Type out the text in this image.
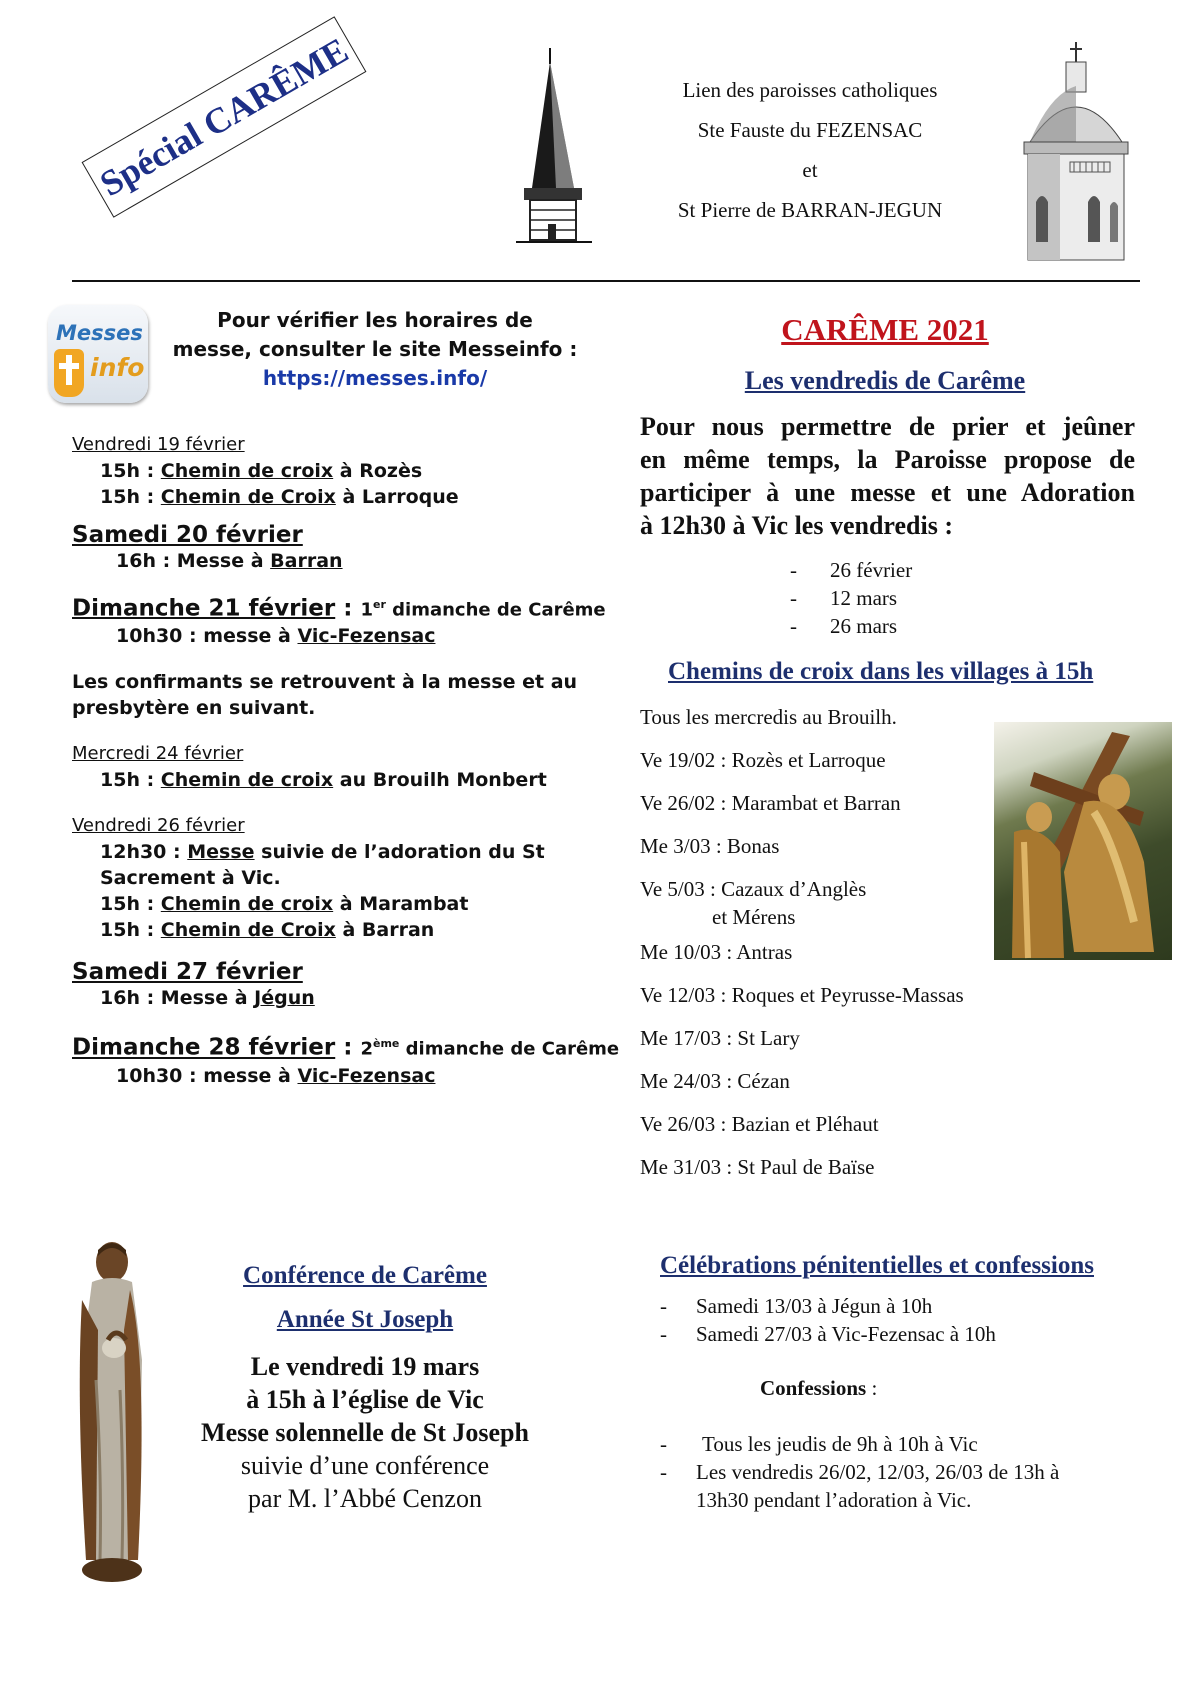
Spécial CARÊME	Lien des paroisses catholiques
Ste Fauste du FEZENSAC
et
St Pierre de BARRAN-JEGUN
Messes
info
Pour vérifier les horaires de
messe, consulter le site Messeinfo :
https://messes.info/
Vendredi 19 février
15h : Chemin de croix à Rozès
15h : Chemin de Croix à Larroque
Samedi 20 février
16h : Messe à Barran
Dimanche 21 février : 1er dimanche de Carême
10h30 : messe à Vic-Fezensac
Les confirmants se retrouvent à la messe et au
presbytère en suivant.
Mercredi 24 février
15h : Chemin de croix au Brouilh Monbert
Vendredi 26 février
12h30 : Messe suivie de l’adoration du St
Sacrement à Vic.
15h : Chemin de croix à Marambat
15h : Chemin de Croix à Barran
Samedi 27 février
16h : Messe à Jégun
Dimanche 28 février : 2ème dimanche de Carême
10h30 : messe à Vic-Fezensac
CARÊME 2021
Les vendredis de Carême
Pour nous permettre de prier et jeûner
en même temps, la Paroisse propose de
participer à une messe et une Adoration
à 12h30 à Vic les vendredis :
- 26 février
- 12 mars
- 26 mars
Chemins de croix dans les villages à 15h
Tous les mercredis au Brouilh.
Ve 19/02 : Rozès et Larroque
Ve 26/02 : Marambat et Barran
Me 3/03 : Bonas
Ve 5/03 : Cazaux d’Anglès
et Mérens
Me 10/03 : Antras
Ve 12/03 : Roques et Peyrusse-Massas
Me 17/03 : St Lary
Me 24/03 : Cézan
Ve 26/03 : Bazian et Pléhaut
Me 31/03 : St Paul de Baïse
Conférence de Carême
Année St Joseph
Le vendredi 19 mars
à 15h à l’église de Vic
Messe solennelle de St Joseph
suivie d’une conférence
par M. l’Abbé Cenzon
Célébrations pénitentielles et confessions
- Samedi 13/03 à Jégun à 10h
- Samedi 27/03 à Vic-Fezensac à 10h
Confessions :
- Tous les jeudis de 9h à 10h à Vic
- Les vendredis 26/02, 12/03, 26/03 de 13h à
13h30 pendant l’adoration à Vic.
